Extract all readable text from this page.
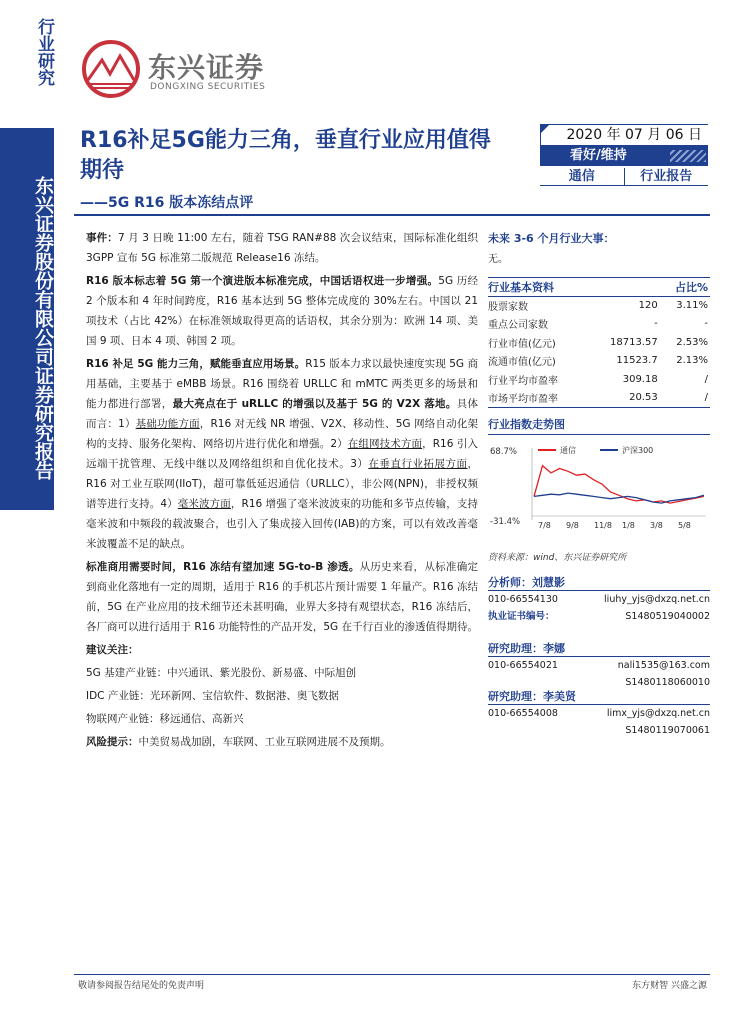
行业研究
东兴证券股份有限公司证券研究报告
东兴证券
DONGXING SECURITIES
R16补足5G能力三角，垂直行业应用值得期待
——5G R16 版本冻结点评
2020 年 07 月 06 日
看好/维持
通信	行业报告

事件：7 月 3 日晚 11:00 左右，随着 TSG RAN#88 次会议结束，国际标准化组织 3GPP 宣布 5G 标准第二版规范 Release16 冻结。

R16 版本标志着 5G 第一个演进版本标准完成，中国话语权进一步增强。5G 历经 2 个版本和 4 年时间跨度，R16 基本达到 5G 整体完成度的 30%左右。中国以 21 项技术（占比 42%）在标准领域取得更高的话语权，其余分别为：欧洲 14 项、美国 9 项、日本 4 项、韩国 2 项。

R16 补足 5G 能力三角，赋能垂直应用场景。R15 版本力求以最快速度实现 5G 商用基础，主要基于 eMBB 场景。R16 围绕着 URLLC 和 mMTC 两类更多的场景和能力都进行部署，最大亮点在于 uRLLC 的增强以及基于 5G 的 V2X 落地。具体而言：1）基础功能方面，R16 对无线 NR 增强、V2X、移动性、5G 网络自动化架构的支持、服务化架构、网络切片进行优化和增强。2）在组网技术方面，R16 引入远端干扰管理、无线中继以及网络组织和自优化技术。3）在垂直行业拓展方面，R16 对工业互联网(IIoT)，超可靠低延迟通信（URLLC），非公网(NPN)，非授权频谱等进行支持。4）毫米波方面，R16 增强了毫米波波束的功能和多节点传输，支持毫米波和中频段的载波聚合，也引入了集成接入回传(IAB)的方案，可以有效改善毫米波覆盖不足的缺点。

标准商用需要时间，R16 冻结有望加速 5G-to-B 渗透。从历史来看，从标准确定到商业化落地有一定的周期，适用于 R16 的手机芯片预计需要 1 年量产。R16 冻结前，5G 在产业应用的技术细节还未甚明确，业界大多持有观望状态，R16 冻结后，各厂商可以进行适用于 R16 功能特性的产品开发，5G 在千行百业的渗透值得期待。

建议关注：

5G 基建产业链：中兴通讯、紫光股份、新易盛、中际旭创

IDC 产业链：光环新网、宝信软件、数据港、奥飞数据

物联网产业链：移远通信、高新兴

风险提示：中美贸易战加剧，车联网、工业互联网进展不及预期。

未来 3-6 个月行业大事：
无。
行业基本资料		占比%
股票家数	120	3.11%
重点公司家数	-	-
行业市值(亿元)	18713.57	2.53%
流通市值(亿元)	11523.7	2.13%
行业平均市盈率	309.18	/
市场平均市盈率	20.53	/
行业指数走势图
68.7%
-31.4%
通信	沪深300
7/8 9/8 11/8 1/8 3/8 5/8
资料来源：wind、东兴证券研究所
分析师：刘慧影
010-66554130	liuhy_yjs@dxzq.net.cn
执业证书编号：	S1480519040002
研究助理：李娜
010-66554021	nali1535@163.com
S1480118060010
研究助理：李美贤
010-66554008	limx_yjs@dxzq.net.cn
S1480119070061
敬请参阅报告结尾处的免责声明	东方财智 兴盛之源
